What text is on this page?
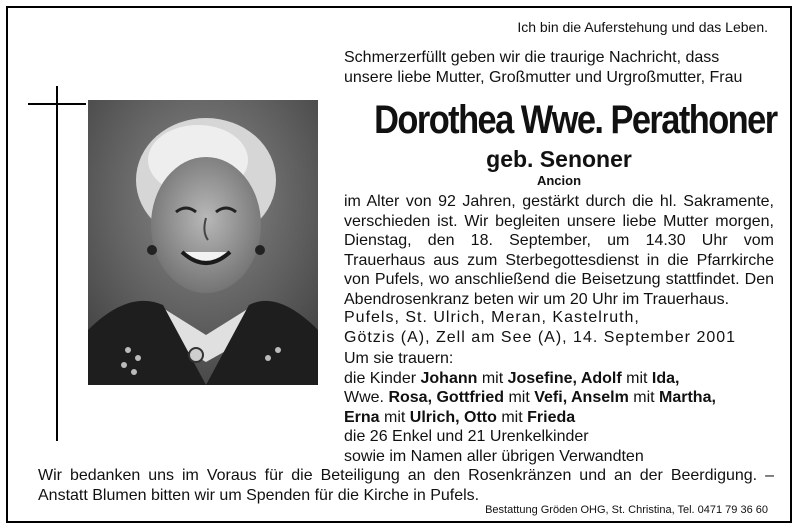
Ich bin die Auferstehung und das Leben.
Schmerzerfüllt geben wir die traurige Nachricht, dass
unsere liebe Mutter, Großmutter und Urgroßmutter, Frau
Dorothea Wwe. Perathoner
geb. Senoner
Ancion
im Alter von 92 Jahren, gestärkt durch die hl. Sakramente, verschieden ist. Wir begleiten unsere liebe Mutter morgen, Dienstag, den 18. September, um 14.30 Uhr vom Trauerhaus aus zum Sterbegottesdienst in die Pfarrkirche von Pufels, wo anschließend die Beisetzung stattfindet. Den Abendrosenkranz beten wir um 20 Uhr im Trauerhaus.
Pufels, St. Ulrich, Meran, Kastelruth,
Götzis (A), Zell am See (A), 14. September 2001
Um sie trauern:
die Kinder Johann mit Josefine, Adolf mit Ida,
Wwe. Rosa, Gottfried mit Vefi, Anselm mit Martha,
Erna mit Ulrich, Otto mit Frieda
die 26 Enkel und 21 Urenkelkinder
sowie im Namen aller übrigen Verwandten
Wir bedanken uns im Voraus für die Beteiligung an den Rosenkränzen und an der Beerdigung. – Anstatt Blumen bitten wir um Spenden für die Kirche in Pufels.
Bestattung Gröden OHG, St. Christina, Tel. 0471 79 36 60
